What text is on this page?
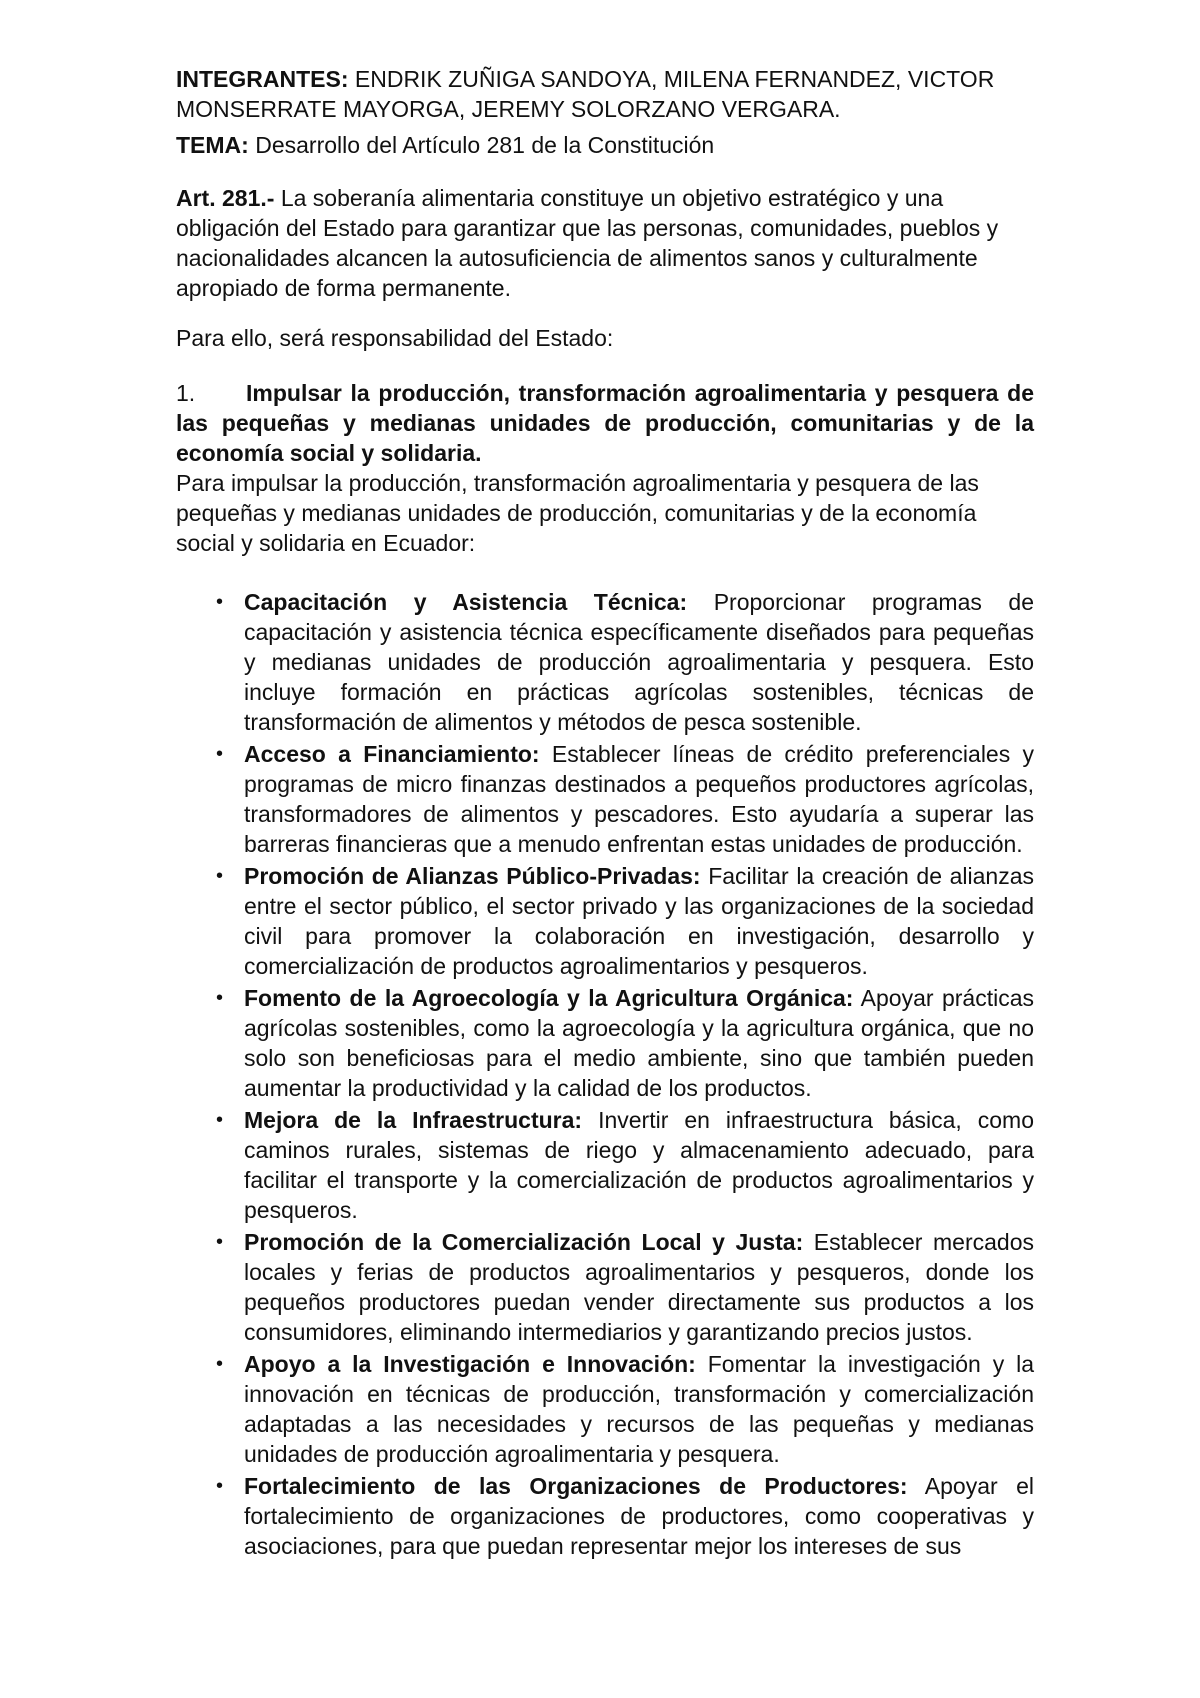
INTEGRANTES: ENDRIK ZUÑIGA SANDOYA, MILENA FERNANDEZ, VICTOR MONSERRATE MAYORGA, JEREMY SOLORZANO VERGARA.

TEMA: Desarrollo del Artículo 281 de la Constitución

Art. 281.- La soberanía alimentaria constituye un objetivo estratégico y una obligación del Estado para garantizar que las personas, comunidades, pueblos y nacionalidades alcancen la autosuficiencia de alimentos sanos y culturalmente apropiado de forma permanente.

Para ello, será responsabilidad del Estado:

1. Impulsar la producción, transformación agroalimentaria y pesquera de las pequeñas y medianas unidades de producción, comunitarias y de la economía social y solidaria.

Para impulsar la producción, transformación agroalimentaria y pesquera de las pequeñas y medianas unidades de producción, comunitarias y de la economía social y solidaria en Ecuador:

• Capacitación y Asistencia Técnica: Proporcionar programas de capacitación y asistencia técnica específicamente diseñados para pequeñas y medianas unidades de producción agroalimentaria y pesquera. Esto incluye formación en prácticas agrícolas sostenibles, técnicas de transformación de alimentos y métodos de pesca sostenible.
• Acceso a Financiamiento: Establecer líneas de crédito preferenciales y programas de micro finanzas destinados a pequeños productores agrícolas, transformadores de alimentos y pescadores. Esto ayudaría a superar las barreras financieras que a menudo enfrentan estas unidades de producción.
• Promoción de Alianzas Público-Privadas: Facilitar la creación de alianzas entre el sector público, el sector privado y las organizaciones de la sociedad civil para promover la colaboración en investigación, desarrollo y comercialización de productos agroalimentarios y pesqueros.
• Fomento de la Agroecología y la Agricultura Orgánica: Apoyar prácticas agrícolas sostenibles, como la agroecología y la agricultura orgánica, que no solo son beneficiosas para el medio ambiente, sino que también pueden aumentar la productividad y la calidad de los productos.
• Mejora de la Infraestructura: Invertir en infraestructura básica, como caminos rurales, sistemas de riego y almacenamiento adecuado, para facilitar el transporte y la comercialización de productos agroalimentarios y pesqueros.
• Promoción de la Comercialización Local y Justa: Establecer mercados locales y ferias de productos agroalimentarios y pesqueros, donde los pequeños productores puedan vender directamente sus productos a los consumidores, eliminando intermediarios y garantizando precios justos.
• Apoyo a la Investigación e Innovación: Fomentar la investigación y la innovación en técnicas de producción, transformación y comercialización adaptadas a las necesidades y recursos de las pequeñas y medianas unidades de producción agroalimentaria y pesquera.
• Fortalecimiento de las Organizaciones de Productores: Apoyar el fortalecimiento de organizaciones de productores, como cooperativas y asociaciones, para que puedan representar mejor los intereses de sus
